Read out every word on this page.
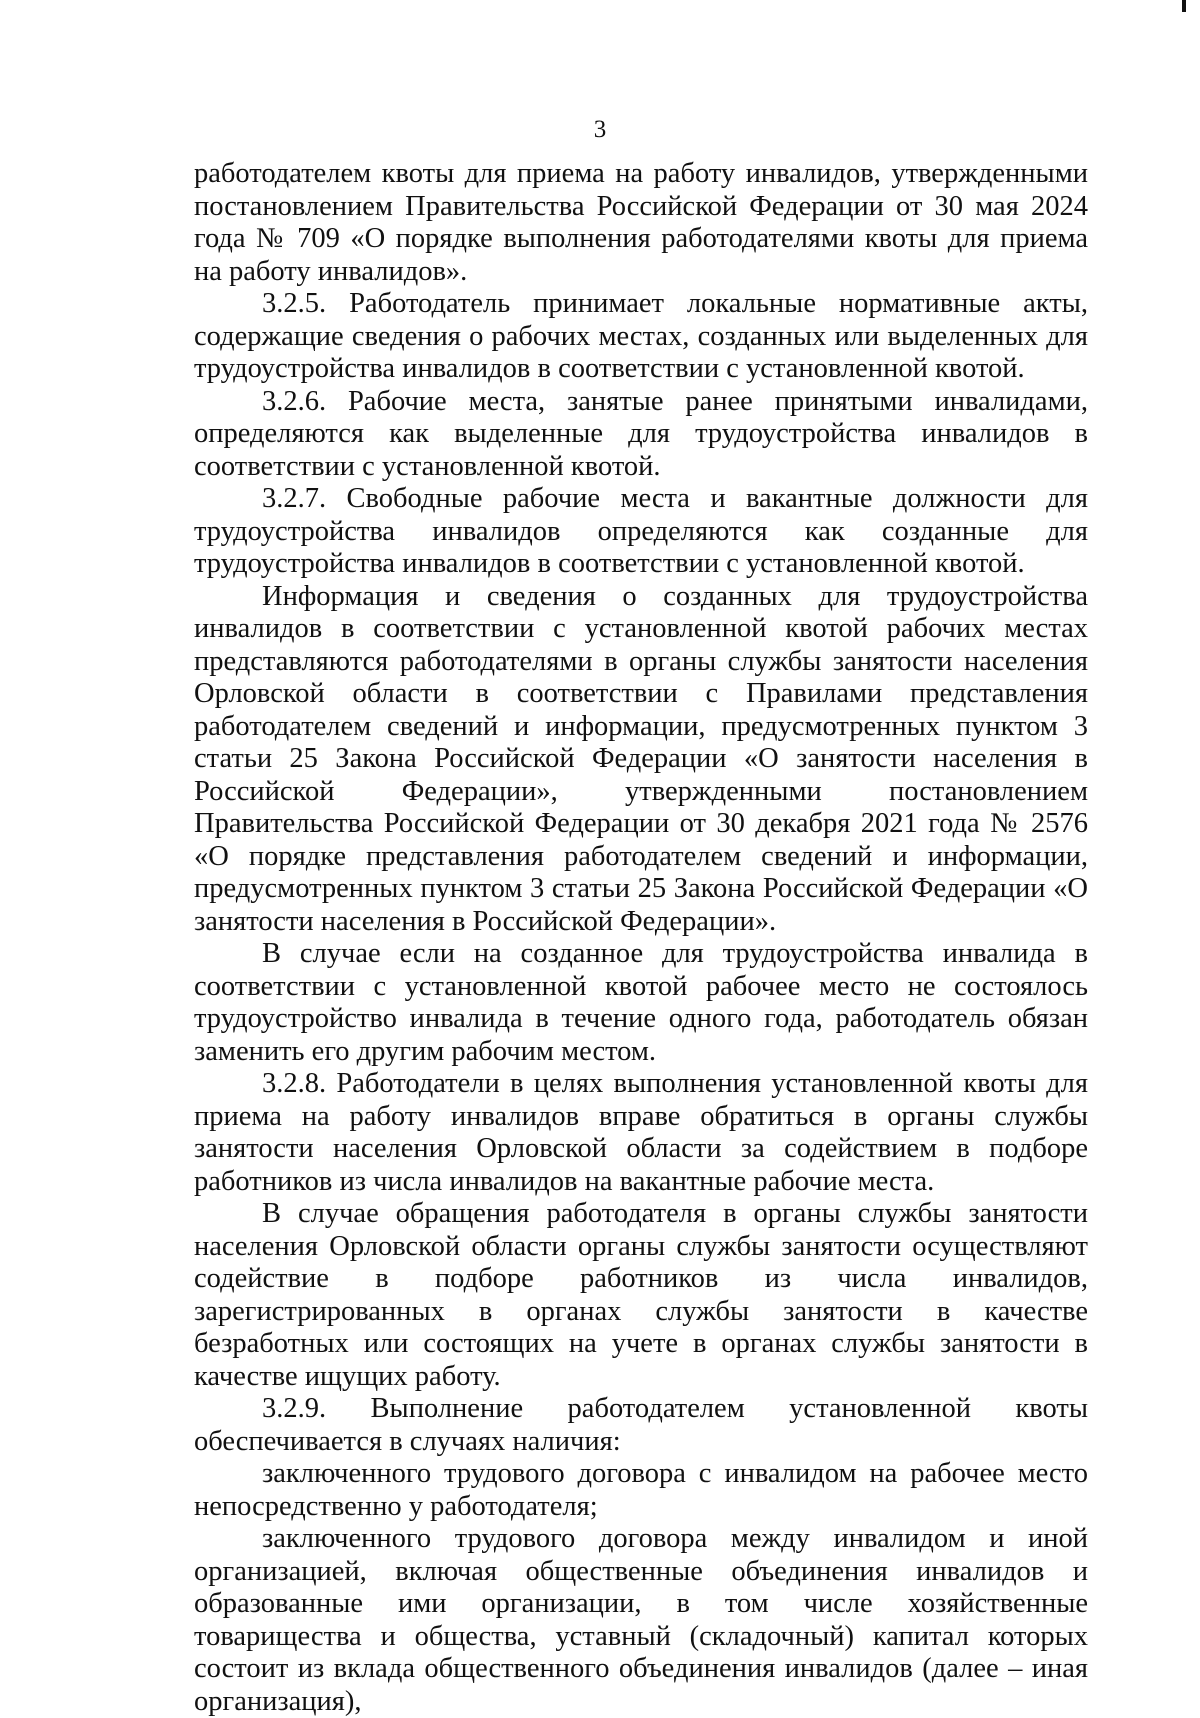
3

работодателем квоты для приема на работу инвалидов, утвержденными постановлением Правительства Российской Федерации от 30 мая 2024 года № 709 «О порядке выполнения работодателями квоты для приема на работу инвалидов».

3.2.5. Работодатель принимает локальные нормативные акты, содержащие сведения о рабочих местах, созданных или выделенных для трудоустройства инвалидов в соответствии с установленной квотой.

3.2.6. Рабочие места, занятые ранее принятыми инвалидами, определяются как выделенные для трудоустройства инвалидов в соответствии с установленной квотой.

3.2.7. Свободные рабочие места и вакантные должности для трудоустройства инвалидов определяются как созданные для трудоустройства инвалидов в соответствии с установленной квотой.

Информация и сведения о созданных для трудоустройства инвалидов в соответствии с установленной квотой рабочих местах представляются работодателями в органы службы занятости населения Орловской области в соответствии с Правилами представления работодателем сведений и информации, предусмотренных пунктом 3 статьи 25 Закона Российской Федерации «О занятости населения в Российской Федерации», утвержденными постановлением Правительства Российской Федерации от 30 декабря 2021 года № 2576 «О порядке представления работодателем сведений и информации, предусмотренных пунктом 3 статьи 25 Закона Российской Федерации «О занятости населения в Российской Федерации».

В случае если на созданное для трудоустройства инвалида в соответствии с установленной квотой рабочее место не состоялось трудоустройство инвалида в течение одного года, работодатель обязан заменить его другим рабочим местом.

3.2.8. Работодатели в целях выполнения установленной квоты для приема на работу инвалидов вправе обратиться в органы службы занятости населения Орловской области за содействием в подборе работников из числа инвалидов на вакантные рабочие места.

В случае обращения работодателя в органы службы занятости населения Орловской области органы службы занятости осуществляют содействие в подборе работников из числа инвалидов, зарегистрированных в органах службы занятости в качестве безработных или состоящих на учете в органах службы занятости в качестве ищущих работу.

3.2.9. Выполнение работодателем установленной квоты обеспечивается в случаях наличия:

заключенного трудового договора с инвалидом на рабочее место непосредственно у работодателя;

заключенного трудового договора между инвалидом и иной организацией, включая общественные объединения инвалидов и образованные ими организации, в том числе хозяйственные товарищества и общества, уставный (складочный) капитал которых состоит из вклада общественного объединения инвалидов (далее – иная организация),
